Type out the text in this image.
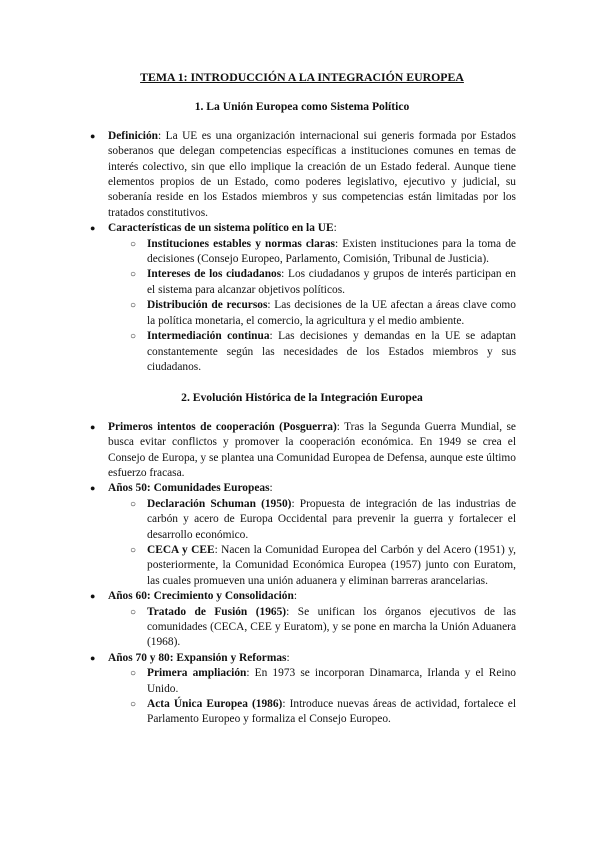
TEMA 1: INTRODUCCIÓN A LA INTEGRACIÓN EUROPEA
1. La Unión Europea como Sistema Político
● Definición: La UE es una organización internacional sui generis formada por Estados soberanos que delegan competencias específicas a instituciones comunes en temas de interés colectivo, sin que ello implique la creación de un Estado federal. Aunque tiene elementos propios de un Estado, como poderes legislativo, ejecutivo y judicial, su soberanía reside en los Estados miembros y sus competencias están limitadas por los tratados constitutivos.
● Características de un sistema político en la UE:
○ Instituciones estables y normas claras: Existen instituciones para la toma de decisiones (Consejo Europeo, Parlamento, Comisión, Tribunal de Justicia).
○ Intereses de los ciudadanos: Los ciudadanos y grupos de interés participan en el sistema para alcanzar objetivos políticos.
○ Distribución de recursos: Las decisiones de la UE afectan a áreas clave como la política monetaria, el comercio, la agricultura y el medio ambiente.
○ Intermediación continua: Las decisiones y demandas en la UE se adaptan constantemente según las necesidades de los Estados miembros y sus ciudadanos.
2. Evolución Histórica de la Integración Europea
● Primeros intentos de cooperación (Posguerra): Tras la Segunda Guerra Mundial, se busca evitar conflictos y promover la cooperación económica. En 1949 se crea el Consejo de Europa, y se plantea una Comunidad Europea de Defensa, aunque este último esfuerzo fracasa.
● Años 50: Comunidades Europeas:
○ Declaración Schuman (1950): Propuesta de integración de las industrias de carbón y acero de Europa Occidental para prevenir la guerra y fortalecer el desarrollo económico.
○ CECA y CEE: Nacen la Comunidad Europea del Carbón y del Acero (1951) y, posteriormente, la Comunidad Económica Europea (1957) junto con Euratom, las cuales promueven una unión aduanera y eliminan barreras arancelarias.
● Años 60: Crecimiento y Consolidación:
○ Tratado de Fusión (1965): Se unifican los órganos ejecutivos de las comunidades (CECA, CEE y Euratom), y se pone en marcha la Unión Aduanera (1968).
● Años 70 y 80: Expansión y Reformas:
○ Primera ampliación: En 1973 se incorporan Dinamarca, Irlanda y el Reino Unido.
○ Acta Única Europea (1986): Introduce nuevas áreas de actividad, fortalece el Parlamento Europeo y formaliza el Consejo Europeo.
